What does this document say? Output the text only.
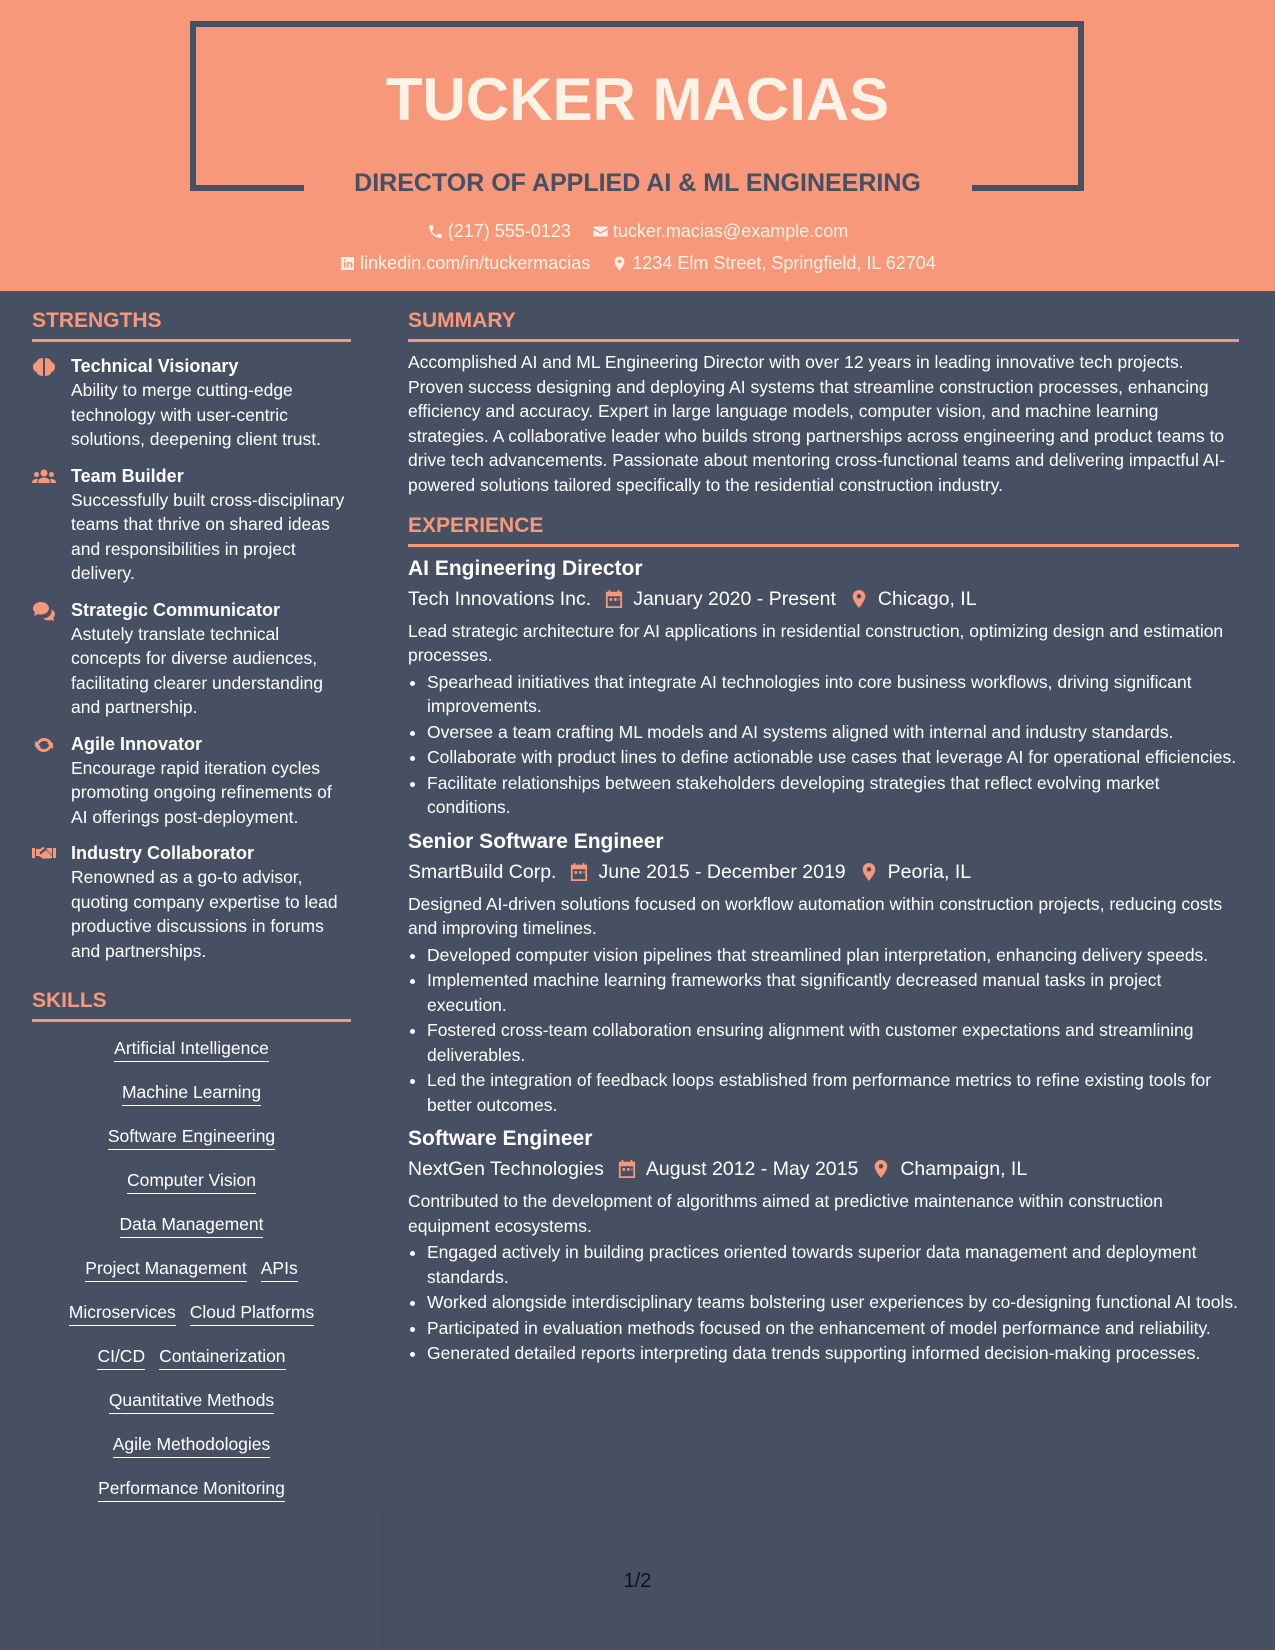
TUCKER MACIAS
DIRECTOR OF APPLIED AI & ML ENGINEERING
(217) 555-0123
tucker.macias@example.com
linkedin.com/in/tuckermacias
1234 Elm Street, Springfield, IL 62704
STRENGTHS
Technical Visionary
Ability to merge cutting-edge technology with user-centric solutions, deepening client trust.
Team Builder
Successfully built cross-disciplinary teams that thrive on shared ideas and responsibilities in project delivery.
Strategic Communicator
Astutely translate technical concepts for diverse audiences, facilitating clearer understanding and partnership.
Agile Innovator
Encourage rapid iteration cycles promoting ongoing refinements of AI offerings post-deployment.
Industry Collaborator
Renowned as a go-to advisor, quoting company expertise to lead productive discussions in forums and partnerships.
SKILLS
Artificial Intelligence
Machine Learning
Software Engineering
Computer Vision
Data Management
Project Management APIs
Microservices Cloud Platforms
CI/CD Containerization
Quantitative Methods
Agile Methodologies
Performance Monitoring
SUMMARY
Accomplished AI and ML Engineering Director with over 12 years in leading innovative tech projects. Proven success designing and deploying AI systems that streamline construction processes, enhancing efficiency and accuracy. Expert in large language models, computer vision, and machine learning strategies. A collaborative leader who builds strong partnerships across engineering and product teams to drive tech advancements. Passionate about mentoring cross-functional teams and delivering impactful AI-powered solutions tailored specifically to the residential construction industry.
EXPERIENCE
AI Engineering Director
Tech Innovations Inc. January 2020 - Present Chicago, IL
Lead strategic architecture for AI applications in residential construction, optimizing design and estimation processes.
• Spearhead initiatives that integrate AI technologies into core business workflows, driving significant improvements.
• Oversee a team crafting ML models and AI systems aligned with internal and industry standards.
• Collaborate with product lines to define actionable use cases that leverage AI for operational efficiencies.
• Facilitate relationships between stakeholders developing strategies that reflect evolving market conditions.
Senior Software Engineer
SmartBuild Corp. June 2015 - December 2019 Peoria, IL
Designed AI-driven solutions focused on workflow automation within construction projects, reducing costs and improving timelines.
• Developed computer vision pipelines that streamlined plan interpretation, enhancing delivery speeds.
• Implemented machine learning frameworks that significantly decreased manual tasks in project execution.
• Fostered cross-team collaboration ensuring alignment with customer expectations and streamlining deliverables.
• Led the integration of feedback loops established from performance metrics to refine existing tools for better outcomes.
Software Engineer
NextGen Technologies August 2012 - May 2015 Champaign, IL
Contributed to the development of algorithms aimed at predictive maintenance within construction equipment ecosystems.
• Engaged actively in building practices oriented towards superior data management and deployment standards.
• Worked alongside interdisciplinary teams bolstering user experiences by co-designing functional AI tools.
• Participated in evaluation methods focused on the enhancement of model performance and reliability.
• Generated detailed reports interpreting data trends supporting informed decision-making processes.
1/2
